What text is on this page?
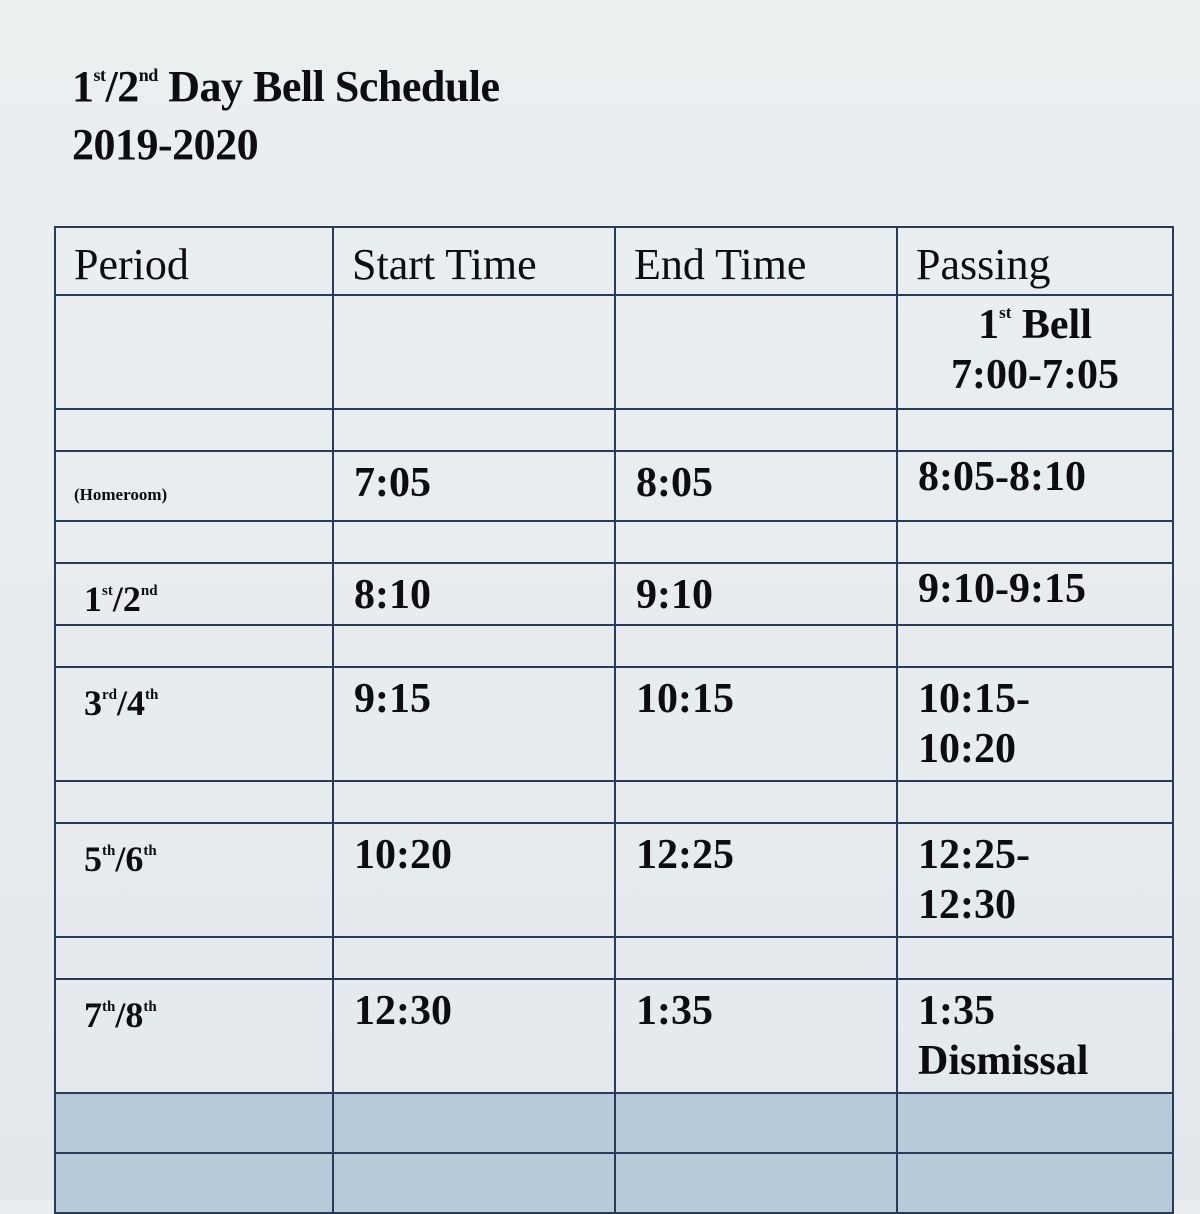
1st/2nd Day Bell Schedule
2019-2020
Period	Start Time	End Time	Passing

			1st Bell
7:00-7:05

(Homeroom)	7:05	8:05	8:05-8:10

1st/2nd	8:10	9:10	9:10-9:15

3rd/4th	9:15	10:15	10:15-
10:20

5th/6th	10:20	12:25	12:25-
12:30

7th/8th	12:30	1:35	1:35
Dismissal
